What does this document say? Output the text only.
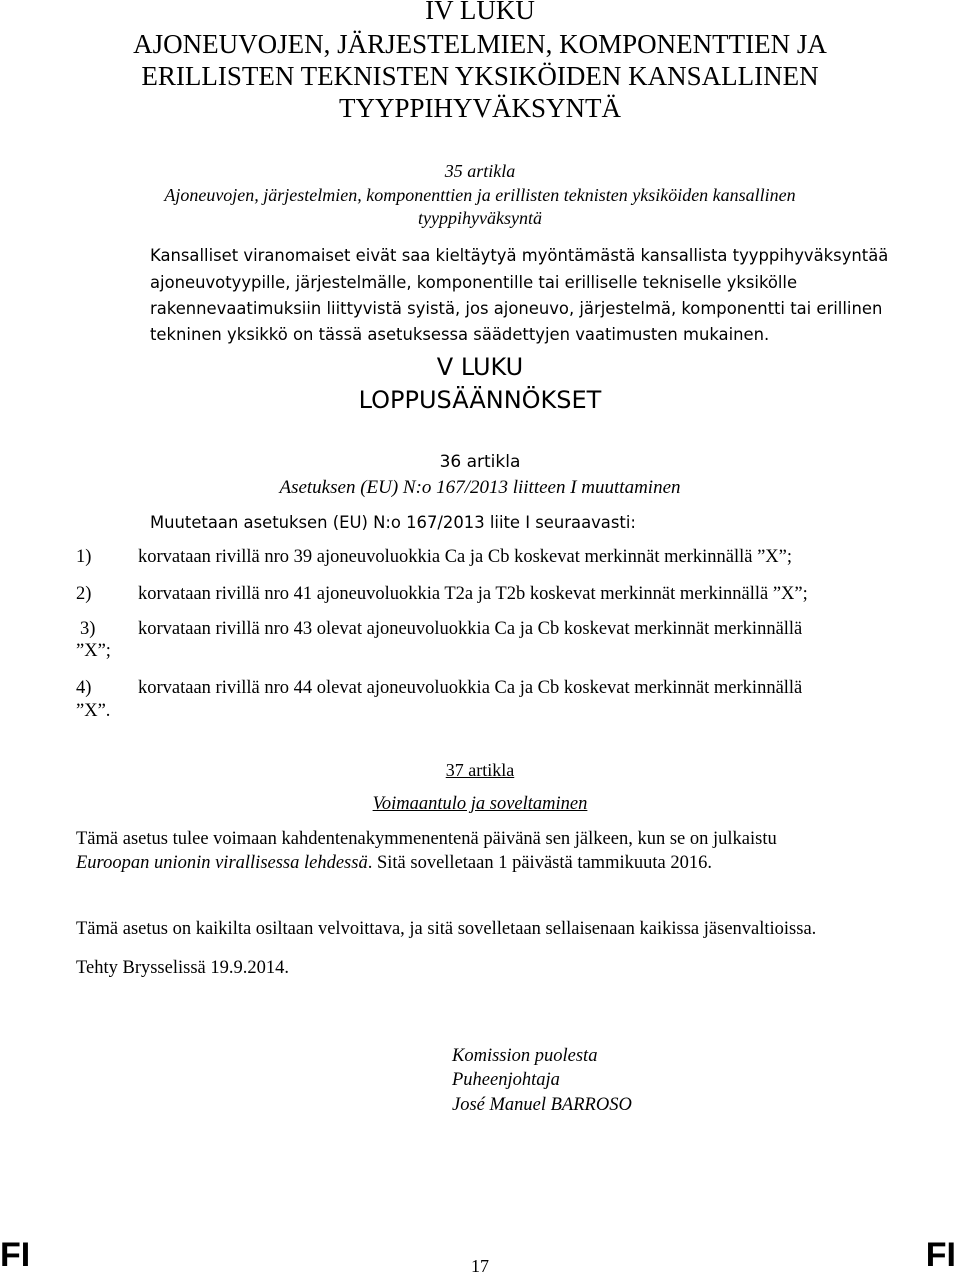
IV LUKU
AJONEUVOJEN, JÄRJESTELMIEN, KOMPONENTTIEN JA
ERILLISTEN TEKNISTEN YKSIKÖIDEN KANSALLINEN
TYYPPIHYVÄKSYNTÄ
35 artikla
Ajoneuvojen, järjestelmien, komponenttien ja erillisten teknisten yksiköiden kansallinen
tyyppihyväksyntä
Kansalliset viranomaiset eivät saa kieltäytyä myöntämästä kansallista tyyppihyväksyntää
ajoneuvotyypille, järjestelmälle, komponentille tai erilliselle tekniselle yksikölle
rakennevaatimuksiin liittyvistä syistä, jos ajoneuvo, järjestelmä, komponentti tai erillinen
tekninen yksikkö on tässä asetuksessa säädettyjen vaatimusten mukainen.
V LUKU
LOPPUSÄÄNNÖKSET
36 artikla
Asetuksen (EU) N:o 167/2013 liitteen I muuttaminen
Muutetaan asetuksen (EU) N:o 167/2013 liite I seuraavasti:
1)	korvataan rivillä nro 39 ajoneuvoluokkia Ca ja Cb koskevat merkinnät merkinnällä ”X”;
2)	korvataan rivillä nro 41 ajoneuvoluokkia T2a ja T2b koskevat merkinnät merkinnällä ”X”;
3) korvataan rivillä nro 43 olevat ajoneuvoluokkia Ca ja Cb koskevat merkinnät merkinnällä
”X”;
4)	korvataan rivillä nro 44 olevat ajoneuvoluokkia Ca ja Cb koskevat merkinnät merkinnällä
”X”.
37 artikla
Voimaantulo ja soveltaminen
Tämä asetus tulee voimaan kahdentenakymmenentenä päivänä sen jälkeen, kun se on julkaistu
Euroopan unionin virallisessa lehdessä. Sitä sovelletaan 1 päivästä tammikuuta 2016.
Tämä asetus on kaikilta osiltaan velvoittava, ja sitä sovelletaan sellaisenaan kaikissa jäsenvaltioissa.
Tehty Brysselissä 19.9.2014.
Komission puolesta
Puheenjohtaja
José Manuel BARROSO
FI	17	FI
